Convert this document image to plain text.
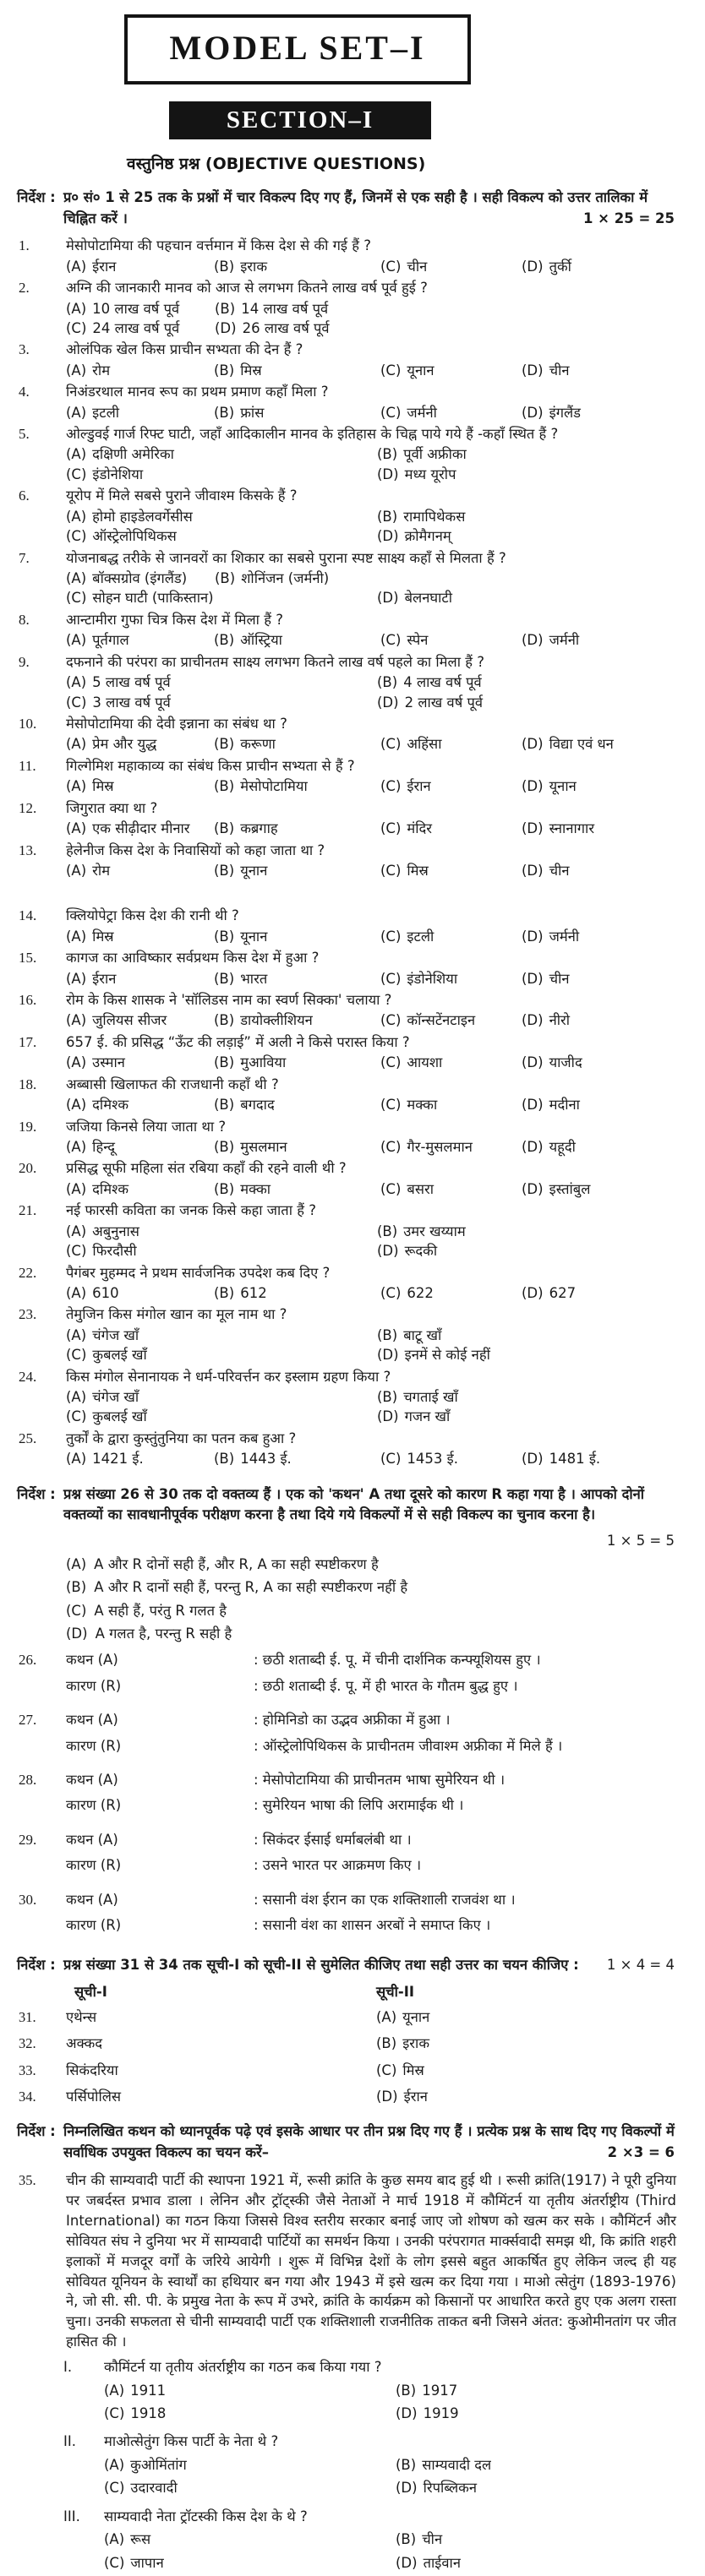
MODEL SET–I
SECTION–I
वस्तुनिष्ठ प्रश्न (OBJECTIVE QUESTIONS)
निर्देश : प्र० सं० 1 से 25 तक के प्रश्नों में चार विकल्प दिए गए हैं, जिनमें से एक सही है । सही विकल्प को उत्तर तालिका में चिह्नित करें ।	1 × 25 = 25
1.	मेसोपोटामिया की पहचान वर्त्तमान में किस देश से की गई हैं ?
(A) ईरान	(B) इराक	(C) चीन	(D) तुर्की
2.	अग्नि की जानकारी मानव को आज से लगभग कितने लाख वर्ष पूर्व हुई ?
(A) 10 लाख वर्ष पूर्व	(B) 14 लाख वर्ष पूर्व
(C) 24 लाख वर्ष पूर्व	(D) 26 लाख वर्ष पूर्व
3.	ओलंपिक खेल किस प्राचीन सभ्यता की देन हैं ?
(A) रोम	(B) मिस्र	(C) यूनान	(D) चीन
4.	निअंडरथाल मानव रूप का प्रथम प्रमाण कहाँ मिला ?
(A) इटली	(B) फ्रांस	(C) जर्मनी	(D) इंगलैंड
5.	ओल्डुवई गार्ज रिफ्ट घाटी, जहाँ आदिकालीन मानव के इतिहास के चिह्न पाये गये हैं -कहाँ स्थित हैं ?
(A) दक्षिणी अमेरिका	(B) पूर्वी अफ्रीका
(C) इंडोनेशिया	(D) मध्य यूरोप
6.	यूरोप में मिले सबसे पुराने जीवाश्म किसके हैं ?
(A) होमो हाइडेलवर्गेसीस	(B) रामापिथेकस
(C) ऑस्ट्रेलोपिथिकस	(D) क्रोमैगनम्
7.	योजनाबद्ध तरीके से जानवरों का शिकार का सबसे पुराना स्पष्ट साक्ष्य कहाँ से मिलता हैं ?
(A) बॉक्सग्रोव (इंगलैंड)	(B) शोनिंजन (जर्मनी)
(C) सोहन घाटी (पाकिस्तान)	(D) बेलनघाटी
8.	आन्टामीरा गुफा चित्र किस देश में मिला हैं ?
(A) पूर्तगाल	(B) ऑस्ट्रिया	(C) स्पेन	(D) जर्मनी
9.	दफनाने की परंपरा का प्राचीनतम साक्ष्य लगभग कितने लाख वर्ष पहले का मिला हैं ?
(A) 5 लाख वर्ष पूर्व	(B) 4 लाख वर्ष पूर्व
(C) 3 लाख वर्ष पूर्व	(D) 2 लाख वर्ष पूर्व
10.	मेसोपोटामिया की देवी इन्नाना का संबंध था ?
(A) प्रेम और युद्ध	(B) करूणा	(C) अहिंसा	(D) विद्या एवं धन
11.	गिल्गेमिश महाकाव्य का संबंध किस प्राचीन सभ्यता से हैं ?
(A) मिस्र	(B) मेसोपोटामिया	(C) ईरान	(D) यूनान
12.	जिगुरात क्या था ?
(A) एक सीढ़ीदार मीनार	(B) कब्रगाह	(C) मंदिर	(D) स्नानागार
13.	हेलेनीज किस देश के निवासियों को कहा जाता था ?
(A) रोम	(B) यूनान	(C) मिस्र	(D) चीन
14.	क्लियोपेट्रा किस देश की रानी थी ?
(A) मिस्र	(B) यूनान	(C) इटली	(D) जर्मनी
15.	कागज का आविष्कार सर्वप्रथम किस देश में हुआ ?
(A) ईरान	(B) भारत	(C) इंडोनेशिया	(D) चीन
16.	रोम के किस शासक ने 'सॉलिडस नाम का स्वर्ण सिक्का' चलाया ?
(A) जुलियस सीजर	(B) डायोक्लीशियन	(C) कॉन्सटेंनटाइन	(D) नीरो
17.	657 ई. की प्रसिद्ध “ऊँट की लड़ाई” में अली ने किसे परास्त किया ?
(A) उस्मान	(B) मुआविया	(C) आयशा	(D) याजीद
18.	अब्बासी खिलाफत की राजधानी कहाँ थी ?
(A) दमिश्क	(B) बगदाद	(C) मक्का	(D) मदीना
19.	जजिया किनसे लिया जाता था ?
(A) हिन्दू	(B) मुसलमान	(C) गैर-मुसलमान	(D) यहूदी
20.	प्रसिद्ध सूफी महिला संत रबिया कहाँ की रहने वाली थी ?
(A) दमिश्क	(B) मक्का	(C) बसरा	(D) इस्तांबुल
21.	नई फारसी कविता का जनक किसे कहा जाता हैं ?
(A) अबुनुनास	(B) उमर खय्याम
(C) फिरदौसी	(D) रूदकी
22.	पैगंबर मुहम्मद ने प्रथम सार्वजनिक उपदेश कब दिए ?
(A) 610	(B) 612	(C) 622	(D) 627
23.	तेमुजिन किस मंगोल खान का मूल नाम था ?
(A) चंगेज खाँ	(B) बाटू खाँ
(C) कुबलई खाँ	(D) इनमें से कोई नहीं
24.	किस मंगोल सेनानायक ने धर्म-परिवर्त्तन कर इस्लाम ग्रहण किया ?
(A) चंगेज खाँ	(B) चगताई खाँ
(C) कुबलई खाँ	(D) गजन खाँ
25.	तुर्कों के द्वारा कुस्तुंतुनिया का पतन कब हुआ ?
(A) 1421 ई.	(B) 1443 ई.	(C) 1453 ई.	(D) 1481 ई.
निर्देश : प्रश्न संख्या 26 से 30 तक दो वक्तव्य हैं । एक को 'कथन' A तथा दूसरे को कारण R कहा गया है । आपको दोनों वक्तव्यों का सावधानीपूर्वक परीक्षण करना है तथा दिये गये विकल्पों में से सही विकल्प का चुनाव करना है।
1 × 5 = 5
(A) A और R दोनों सही हैं, और R, A का सही स्पष्टीकरण है
(B) A और R दानों सही हैं, परन्तु R, A का सही स्पष्टीकरण नहीं है
(C) A सही हैं, परंतु R गलत है
(D) A गलत है, परन्तु R सही है
26.	कथन (A)	: छठी शताब्दी ई. पू. में चीनी दार्शनिक कन्फ्यूशियस हुए ।
कारण (R)	: छठी शताब्दी ई. पू. में ही भारत के गौतम बुद्ध हुए ।
27.	कथन (A)	: होमिनिडो का उद्भव अफ्रीका में हुआ ।
कारण (R)	: ऑस्ट्रेलोपिथिकस के प्राचीनतम जीवाश्म अफ्रीका में मिले हैं ।
28.	कथन (A)	: मेसोपोटामिया की प्राचीनतम भाषा सुमेरियन थी ।
कारण (R)	: सुमेरियन भाषा की लिपि अरामाईक थी ।
29.	कथन (A)	: सिकंदर ईसाई धर्माबलंबी था ।
कारण (R)	: उसने भारत पर आक्रमण किए ।
30.	कथन (A)	: ससानी वंश ईरान का एक शक्तिशाली राजवंश था ।
कारण (R)	: ससानी वंश का शासन अरबों ने समाप्त किए ।
निर्देश : प्रश्न संख्या 31 से 34 तक सूची-I को सूची-II से सुमेलित कीजिए तथा सही उत्तर का चयन कीजिए : 1 × 4 = 4
सूची-I	सूची-II
31.	एथेन्स	(A) यूनान
32.	अक्कद	(B) इराक
33.	सिकंदरिया	(C) मिस्र
34.	पर्सिपोलिस	(D) ईरान
निर्देश : निम्नलिखित कथन को ध्यानपूर्वक पढ़े एवं इसके आधार पर तीन प्रश्न दिए गए हैं । प्रत्येक प्रश्न के साथ दिए गए विकल्पों में सर्वाधिक उपयुक्त विकल्प का चयन करें–	2 ×3 = 6
35.	चीन की साम्यवादी पार्टी की स्थापना 1921 में, रूसी क्रांति के कुछ समय बाद हुई थी । रूसी क्रांति(1917) ने पूरी दुनिया पर जबर्दस्त प्रभाव डाला । लेनिन और ट्रॉट्स्की जैसे नेताओं ने मार्च 1918 में कौमिंटर्न या तृतीय अंतर्राष्ट्रीय (Third International) का गठन किया जिससे विश्व स्तरीय सरकार बनाई जाए जो शोषण को खत्म कर सके । कौमिंटर्न और सोवियत संघ ने दुनिया भर में साम्यवादी पार्टियों का समर्थन किया । उनकी परंपरागत मार्क्सवादी समझ थी, कि क्रांति शहरी इलाकों में मजदूर वर्गों के जरिये आयेगी । शुरू में विभिन्न देशों के लोग इससे बहुत आकर्षित हुए लेकिन जल्द ही यह सोवियत यूनियन के स्वार्थों का हथियार बन गया और 1943 में इसे खत्म कर दिया गया । माओ त्सेतुंग (1893-1976) ने, जो सी. सी. पी. के प्रमुख नेता के रूप में उभरे, क्रांति के कार्यक्रम को किसानों पर आधारित करते हुए एक अलग रास्ता चुना। उनकी सफलता से चीनी साम्यवादी पार्टी एक शक्तिशाली राजनीतिक ताकत बनी जिसने अंतत: कुओमीनतांग पर जीत हासित की ।
I.	कौमिंटर्न या तृतीय अंतर्राष्ट्रीय का गठन कब किया गया ?
(A) 1911	(B) 1917
(C) 1918	(D) 1919
II.	माओत्सेतुंग किस पार्टी के नेता थे ?
(A) कुओमिंतांग	(B) साम्यवादी दल
(C) उदारवादी	(D) रिपब्लिकन
III.	साम्यवादी नेता ट्रॉटस्की किस देश के थे ?
(A) रूस	(B) चीन
(C) जापान	(D) ताईवान
